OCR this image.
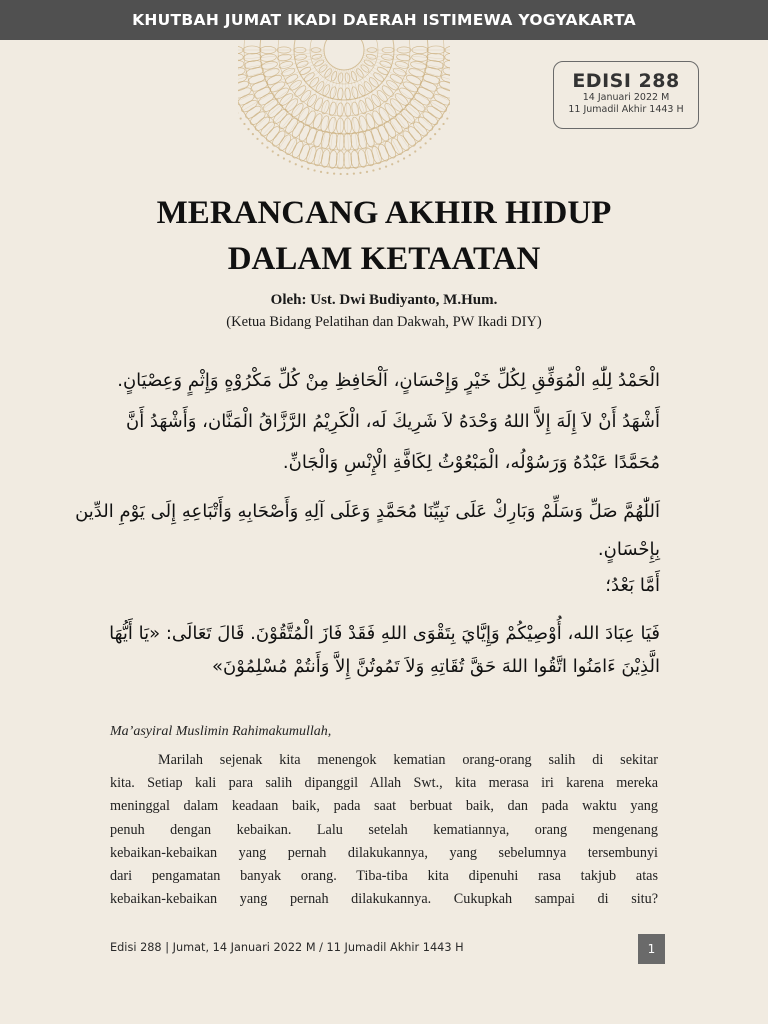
KHUTBAH JUMAT IKADI DAERAH ISTIMEWA YOGYAKARTA
EDISI 288
14 Januari 2022 M
11 Jumadil Akhir 1443 H
MERANCANG AKHIR HIDUP
DALAM KETAATAN
Oleh: Ust. Dwi Budiyanto, M.Hum.
(Ketua Bidang Pelatihan dan Dakwah, PW Ikadi DIY)
الْحَمْدُ لِلّٰهِ الْمُوَفِّقِ لِكُلِّ خَيْرٍ وَإِحْسَانٍ، اَلْحَافِظِ مِنْ كُلِّ مَكْرُوْهٍ وَإِثْمٍ وَعِصْيَانٍ.
أَشْهَدُ أَنْ لاَ إِلَهَ إِلاَّ اللهُ وَحْدَهُ لاَ شَرِيكَ لَه، الْكَرِيْمُ الرَّزَّاقُ الْمَنَّان، وَأَشْهَدُ أَنَّ
مُحَمَّدًا عَبْدُهُ وَرَسُوْلُه، الْمَبْعُوْثُ لِكَافَّةِ الْإِنْسِ وَالْجَانِّ.
اَللّٰهُمَّ صَلِّ وَسَلِّمْ وَبَارِكْ عَلَى نَبِيِّنَا مُحَمَّدٍ وَعَلَى آلِهِ وَأَصْحَابِهِ وَأَتْبَاعِهِ إِلَى يَوْمِ الدِّين
بِإِحْسَانٍ.
أَمَّا بَعْدُ؛
فَيَا عِبَادَ الله، أُوْصِيْكُمْ وَإِيَّايَ بِتَقْوَى اللهِ فَقَدْ فَازَ الْمُتَّقُوْنَ. قَالَ تَعَالَى: «يَا أَيُّهَا
الَّذِيْنَ ءَامَنُوا اتَّقُوا اللهَ حَقَّ تُقَاتِهِ وَلاَ تَمُوتُنَّ إِلاَّ وَأَنتُمْ مُسْلِمُوْنَ»
Ma’asyiral Muslimin Rahimakumullah,
Marilah sejenak kita menengok kematian orang-orang salih di sekitar
kita. Setiap kali para salih dipanggil Allah Swt., kita merasa iri karena mereka
meninggal dalam keadaan baik, pada saat berbuat baik, dan pada waktu yang
penuh dengan kebaikan. Lalu setelah kematiannya, orang mengenang
kebaikan-kebaikan yang pernah dilakukannya, yang sebelumnya tersembunyi
dari pengamatan banyak orang. Tiba-tiba kita dipenuhi rasa takjub atas
kebaikan-kebaikan yang pernah dilakukannya. Cukupkah sampai di situ?
Edisi 288 | Jumat, 14 Januari 2022 M / 11 Jumadil Akhir 1443 H	1
